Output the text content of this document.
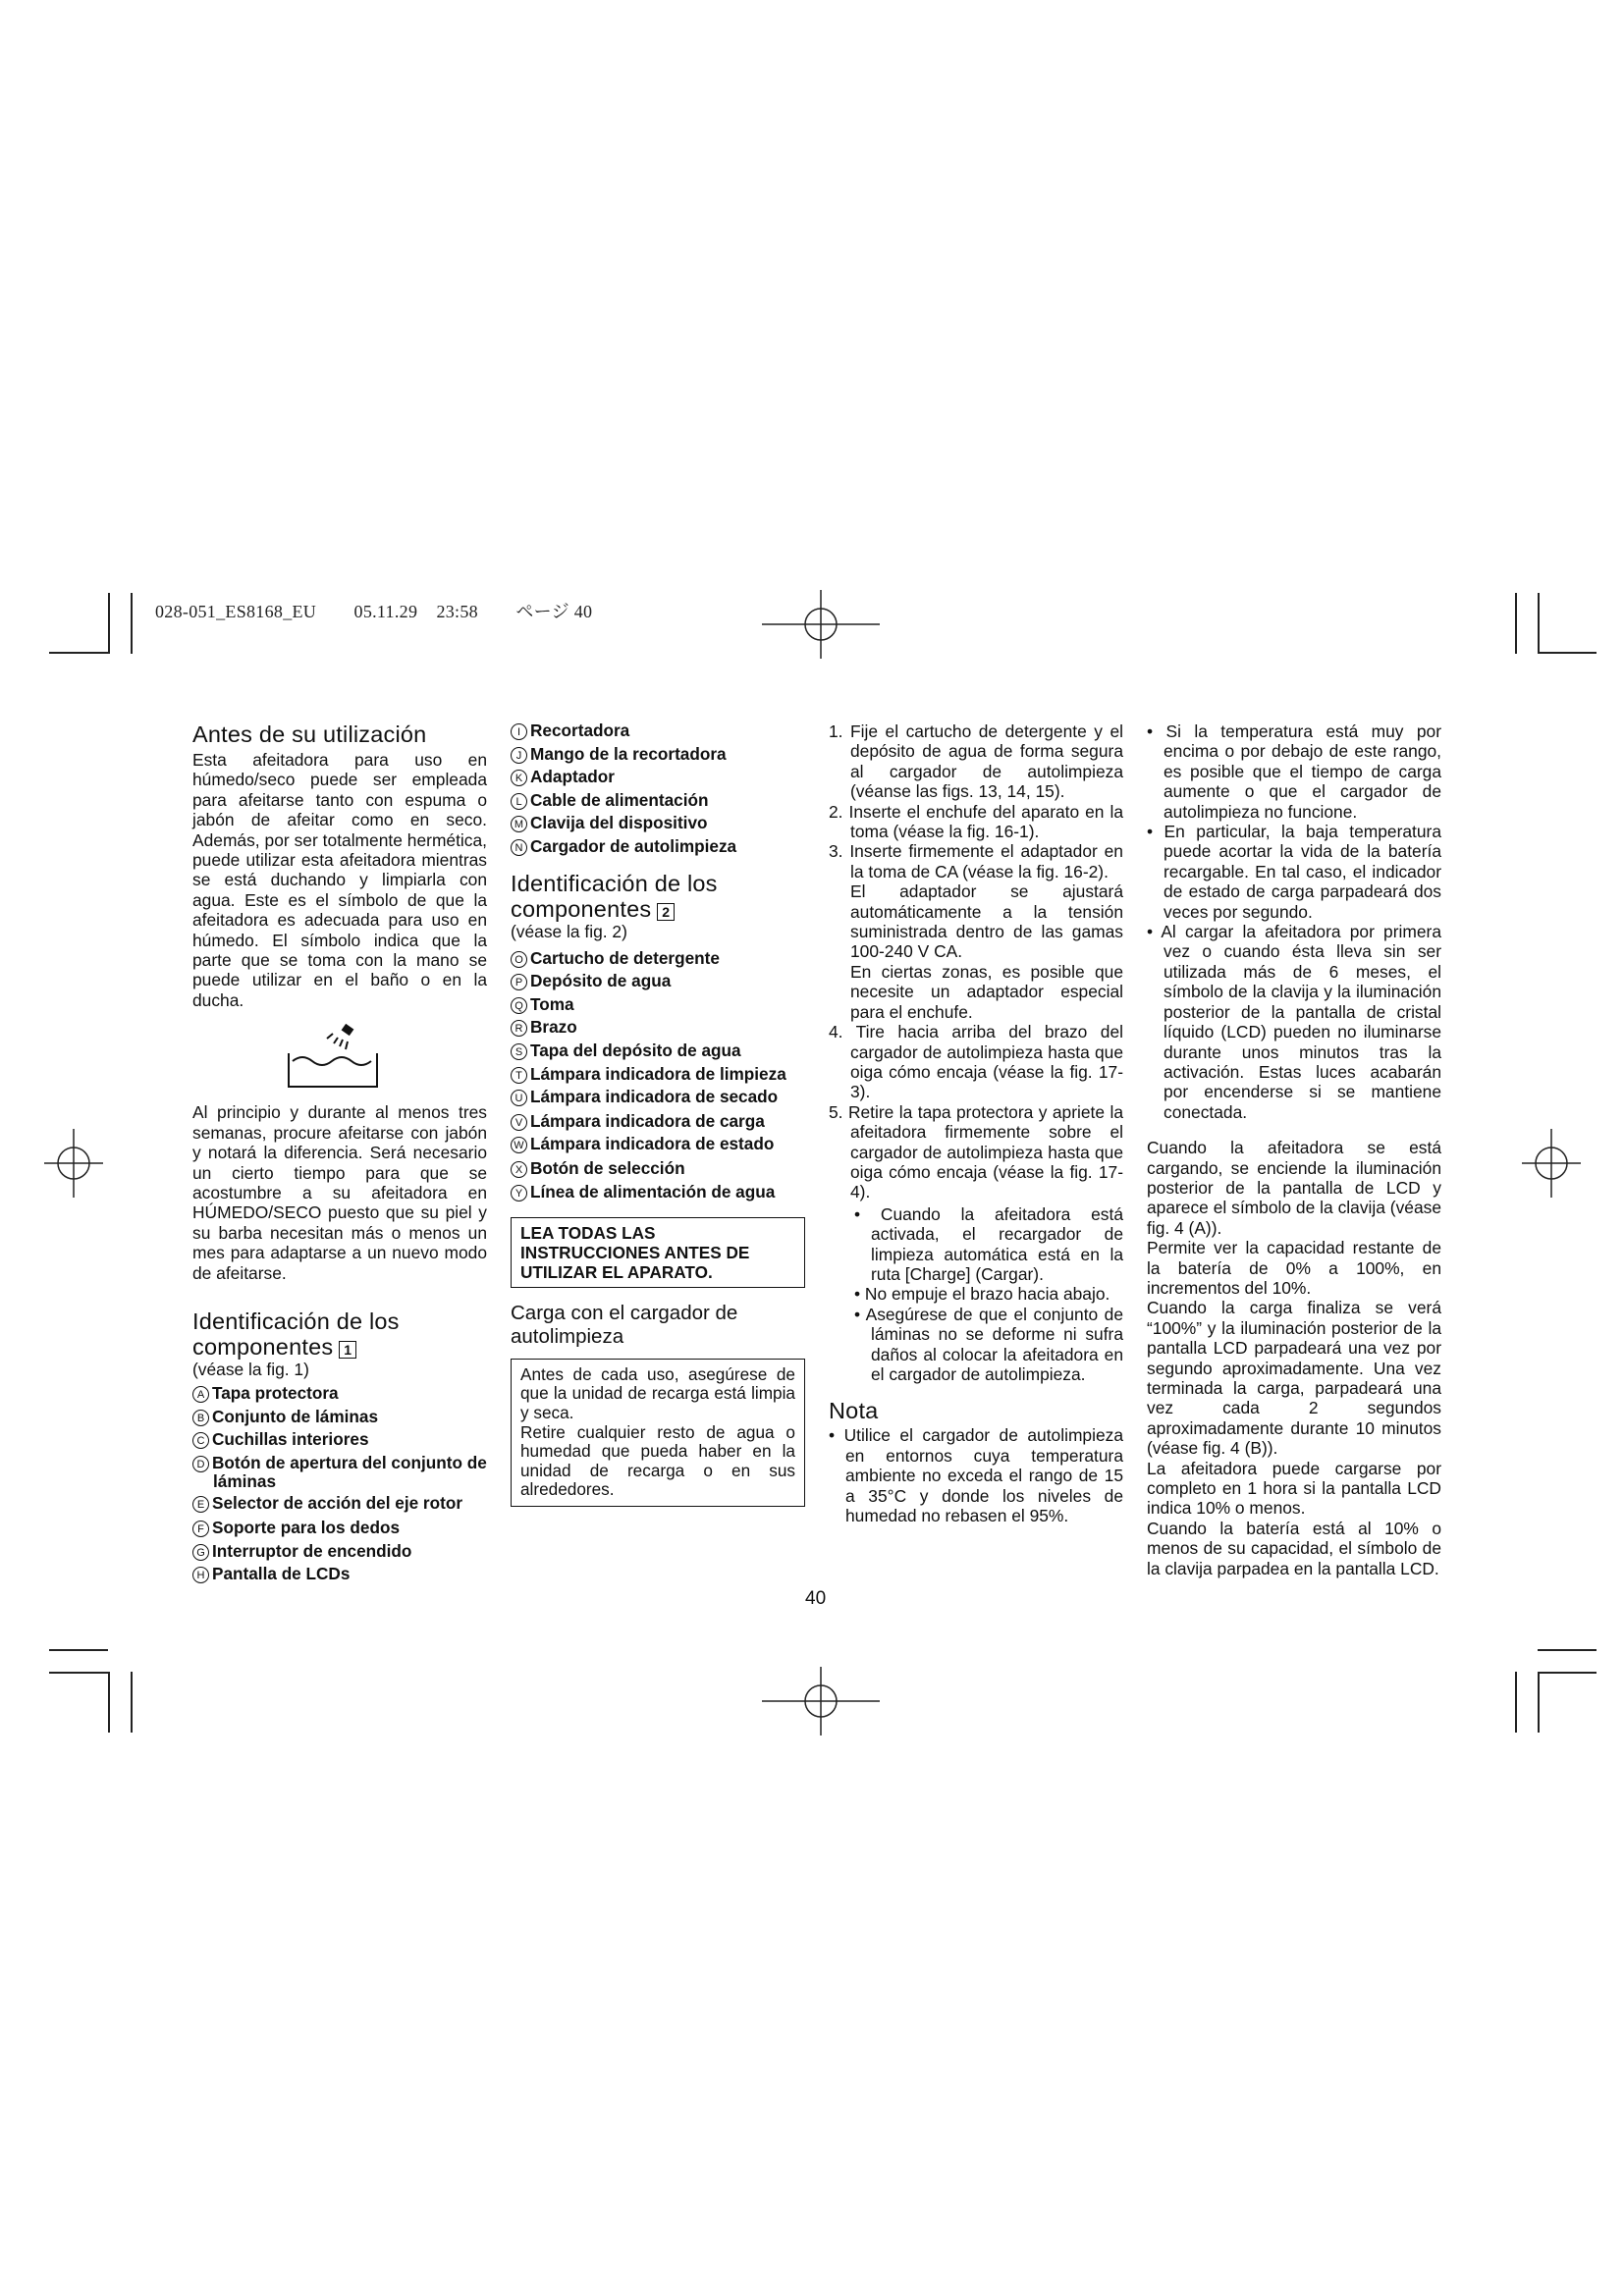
028-051_ES8168_EU 05.11.29 23:58 ページ 40
Antes de su utilización

Esta afeitadora para uso en húmedo/seco puede ser empleada para afeitarse tanto con espuma o jabón de afeitar como en seco. Además, por ser totalmente hermética, puede utilizar esta afeitadora mientras se está duchando y limpiarla con agua. Este es el símbolo de que la afeitadora es adecuada para uso en húmedo. El símbolo indica que la parte que se toma con la mano se puede utilizar en el baño o en la ducha.

Al principio y durante al menos tres semanas, procure afeitarse con jabón y notará la diferencia. Será necesario un cierto tiempo para que se acostumbre a su afeitadora en HÚMEDO/SECO puesto que su piel y su barba necesitan más o menos un mes para adaptarse a un nuevo modo de afeitarse.

Identificación de los componentes 1
(véase la fig. 1)
A Tapa protectora
B Conjunto de láminas
C Cuchillas interiores
D Botón de apertura del conjunto de láminas
E Selector de acción del eje rotor
F Soporte para los dedos
G Interruptor de encendido
H Pantalla de LCDs
I Recortadora
J Mango de la recortadora
K Adaptador
L Cable de alimentación
M Clavija del dispositivo
N Cargador de autolimpieza
Identificación de los componentes 2
(véase la fig. 2)
O Cartucho de detergente
P Depósito de agua
Q Toma
R Brazo
S Tapa del depósito de agua
T Lámpara indicadora de limpieza
U Lámpara indicadora de secado
V Lámpara indicadora de carga
W Lámpara indicadora de estado
X Botón de selección
Y Línea de alimentación de agua
LEA TODAS LAS INSTRUCCIONES ANTES DE UTILIZAR EL APARATO.
Carga con el cargador de autolimpieza

Antes de cada uso, asegúrese de que la unidad de recarga está limpia y seca.

Retire cualquier resto de agua o humedad que pueda haber en la unidad de recarga o en sus alrededores.

1. Fije el cartucho de detergente y el depósito de agua de forma segura al cargador de autolimpieza (véanse las figs. 13, 14, 15).
2. Inserte el enchufe del aparato en la toma (véase la fig. 16-1).
3. Inserte firmemente el adaptador en la toma de CA (véase la fig. 16-2).
El adaptador se ajustará automáticamente a la tensión suministrada dentro de las gamas 100-240 V CA.
En ciertas zonas, es posible que necesite un adaptador especial para el enchufe.
4. Tire hacia arriba del brazo del cargador de autolimpieza hasta que oiga cómo encaja (véase la fig. 17-3).
5. Retire la tapa protectora y apriete la afeitadora firmemente sobre el cargador de autolimpieza hasta que oiga cómo encaja (véase la fig. 17-4).
• Cuando la afeitadora está activada, el recargador de limpieza automática está en la ruta [Charge] (Cargar).
• No empuje el brazo hacia abajo.
• Asegúrese de que el conjunto de láminas no se deforme ni sufra daños al colocar la afeitadora en el cargador de autolimpieza.
Nota
• Utilice el cargador de autolimpieza en entornos cuya temperatura ambiente no exceda el rango de 15 a 35°C y donde los niveles de humedad no rebasen el 95%.
• Si la temperatura está muy por encima o por debajo de este rango, es posible que el tiempo de carga aumente o que el cargador de autolimpieza no funcione.
• En particular, la baja temperatura puede acortar la vida de la batería recargable. En tal caso, el indicador de estado de carga parpadeará dos veces por segundo.
• Al cargar la afeitadora por primera vez o cuando ésta lleva sin ser utilizada más de 6 meses, el símbolo de la clavija y la iluminación posterior de la pantalla de cristal líquido (LCD) pueden no iluminarse durante unos minutos tras la activación. Estas luces acabarán por encenderse si se mantiene conectada.

Cuando la afeitadora se está cargando, se enciende la iluminación posterior de la pantalla de LCD y aparece el símbolo de la clavija (véase fig. 4 (A)).

Permite ver la capacidad restante de la batería de 0% a 100%, en incrementos del 10%.

Cuando la carga finaliza se verá “100%” y la iluminación posterior de la pantalla LCD parpadeará una vez por segundo aproximadamente. Una vez terminada la carga, parpadeará una vez cada 2 segundos aproximadamente durante 10 minutos (véase fig. 4 (B)).

La afeitadora puede cargarse por completo en 1 hora si la pantalla LCD indica 10% o menos.

Cuando la batería está al 10% o menos de su capacidad, el símbolo de la clavija parpadea en la pantalla LCD.

40
